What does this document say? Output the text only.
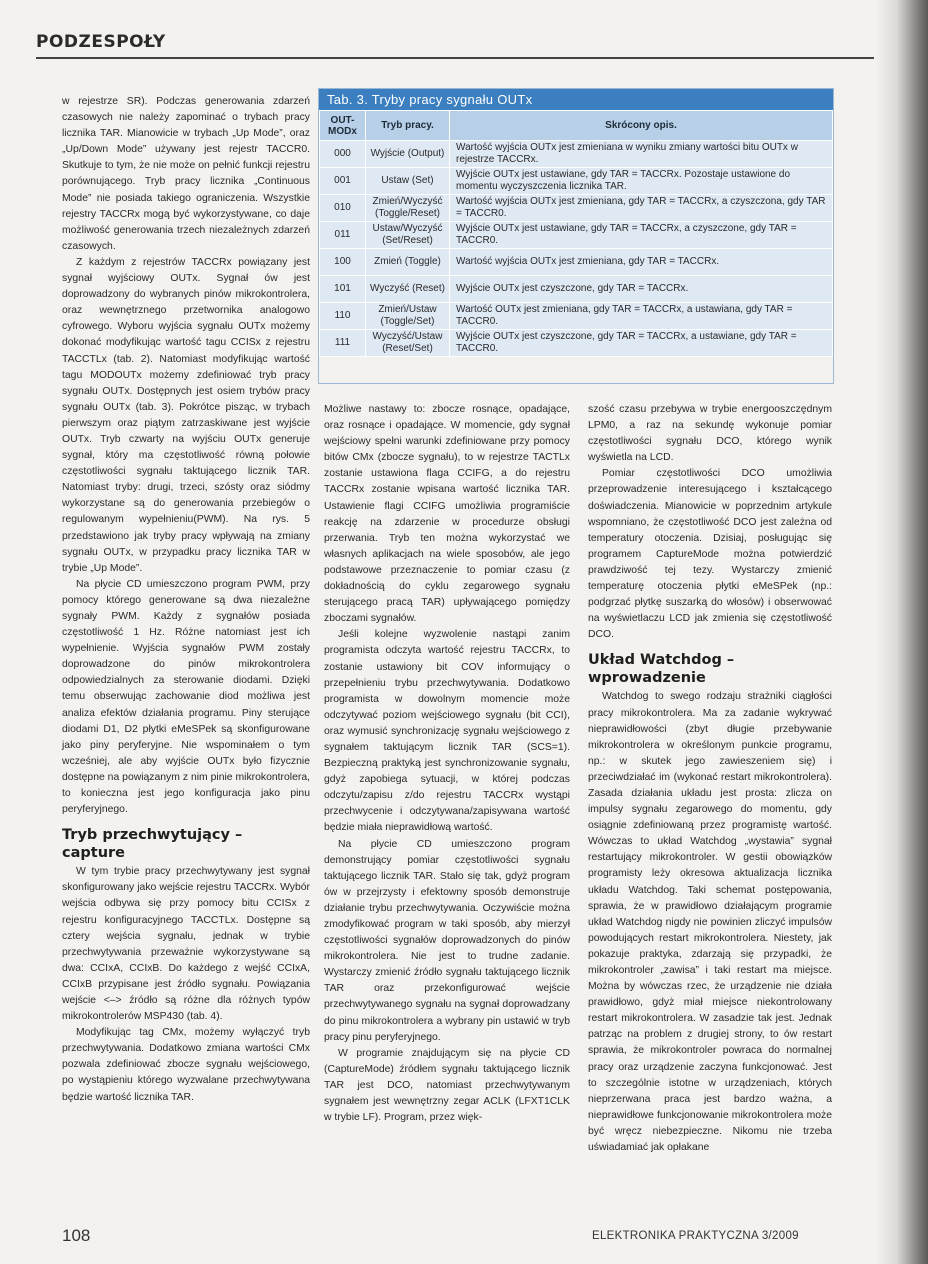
PODZESPOŁY

w rejestrze SR). Podczas generowania zdarzeń czasowych nie należy zapominać o trybach pracy licznika TAR. Mianowicie w trybach „Up Mode”, oraz „Up/Down Mode” używany jest rejestr TACCR0. Skutkuje to tym, że nie może on pełnić funkcji rejestru porównującego. Tryb pracy licznika „Continuous Mode” nie posiada takiego ograniczenia. Wszystkie rejestry TACCRx mogą być wykorzystywane, co daje możliwość generowania trzech niezależnych zdarzeń czasowych.

Z każdym z rejestrów TACCRx powiązany jest sygnał wyjściowy OUTx. Sygnał ów jest doprowadzony do wybranych pinów mikrokontrolera, oraz wewnętrznego przetwornika analogowo cyfrowego. Wyboru wyjścia sygnału OUTx możemy dokonać modyfikując wartość tagu CCISx z rejestru TACCTLx (tab. 2). Natomiast modyfikując wartość tagu MODOUTx możemy zdefiniować tryb pracy sygnału OUTx. Dostępnych jest osiem trybów pracy sygnału OUTx (tab. 3). Pokrótce pisząc, w trybach pierwszym oraz piątym zatrzaskiwane jest wyjście OUTx. Tryb czwarty na wyjściu OUTx generuje sygnał, który ma częstotliwość równą połowie częstotliwości sygnału taktującego licznik TAR. Natomiast tryby: drugi, trzeci, szósty oraz siódmy wykorzystane są do generowania przebiegów o regulowanym wypełnieniu(PWM). Na rys. 5 przedstawiono jak tryby pracy wpływają na zmiany sygnału OUTx, w przypadku pracy licznika TAR w trybie „Up Mode”.

Na płycie CD umieszczono program PWM, przy pomocy którego generowane są dwa niezależne sygnały PWM. Każdy z sygnałów posiada częstotliwość 1 Hz. Różne natomiast jest ich wypełnienie. Wyjścia sygnałów PWM zostały doprowadzone do pinów mikrokontrolera odpowiedzialnych za sterowanie diodami. Dzięki temu obserwując zachowanie diod możliwa jest analiza efektów działania programu. Piny sterujące diodami D1, D2 płytki eMeSPek są skonfigurowane jako piny peryferyjne. Nie wspominałem o tym wcześniej, ale aby wyjście OUTx było fizycznie dostępne na powiązanym z nim pinie mikrokontrolera, to konieczna jest jego konfiguracja jako pinu peryferyjnego.

Tryb przechwytujący – capture

W tym trybie pracy przechwytywany jest sygnał skonfigurowany jako wejście rejestru TACCRx. Wybór wejścia odbywa się przy pomocy bitu CCISx z rejestru konfiguracyjnego TACCTLx. Dostępne są cztery wejścia sygnału, jednak w trybie przechwytywania przeważnie wykorzystywane są dwa: CCIxA, CCIxB. Do każdego z wejść CCIxA, CCIxB przypisane jest źródło sygnału. Powiązania wejście <–> źródło są różne dla różnych typów mikrokontrolerów MSP430 (tab. 4).

Modyfikując tag CMx, możemy wyłączyć tryb przechwytywania. Dodatkowo zmiana wartości CMx pozwala zdefiniować zbocze sygnału wejściowego, po wystąpieniu którego wyzwalane przechwytywana będzie wartość licznika TAR.

Tab. 3. Tryby pracy sygnału OUTx
OUT-MODx	Tryb pracy.	Skrócony opis.
000	Wyjście (Output)	Wartość wyjścia OUTx jest zmieniana w wyniku zmiany wartości bitu OUTx w rejestrze TACCRx.
001	Ustaw (Set)	Wyjście OUTx jest ustawiane, gdy TAR = TACCRx. Pozostaje ustawione do momentu wyczyszczenia licznika TAR.
010	Zmień/Wyczyść (Toggle/Reset)	Wartość wyjścia OUTx jest zmieniana, gdy TAR = TACCRx, a czyszczona, gdy TAR = TACCR0.
011	Ustaw/Wyczyść (Set/Reset)	Wyjście OUTx jest ustawiane, gdy TAR = TACCRx, a czyszczone, gdy TAR = TACCR0.
100	Zmień (Toggle)	Wartość wyjścia OUTx jest zmieniana, gdy TAR = TACCRx.
101	Wyczyść (Reset)	Wyjście OUTx jest czyszczone, gdy TAR = TACCRx.
110	Zmień/Ustaw (Toggle/Set)	Wartość OUTx jest zmieniana, gdy TAR = TACCRx, a ustawiana, gdy TAR = TACCR0.
111	Wyczyść/Ustaw (Reset/Set)	Wyjście OUTx jest czyszczone, gdy TAR = TACCRx, a ustawiane, gdy TAR = TACCR0.

Możliwe nastawy to: zbocze rosnące, opadające, oraz rosnące i opadające. W momencie, gdy sygnał wejściowy spełni warunki zdefiniowane przy pomocy bitów CMx (zbocze sygnału), to w rejestrze TACTLx zostanie ustawiona flaga CCIFG, a do rejestru TACCRx zostanie wpisana wartość licznika TAR. Ustawienie flagi CCIFG umożliwia programiście reakcję na zdarzenie w procedurze obsługi przerwania. Tryb ten można wykorzystać we własnych aplikacjach na wiele sposobów, ale jego podstawowe przeznaczenie to pomiar czasu (z dokładnością do cyklu zegarowego sygnału sterującego pracą TAR) upływającego pomiędzy zboczami sygnałów.

Jeśli kolejne wyzwolenie nastąpi zanim programista odczyta wartość rejestru TACCRx, to zostanie ustawiony bit COV informujący o przepełnieniu trybu przechwytywania. Dodatkowo programista w dowolnym momencie może odczytywać poziom wejściowego sygnału (bit CCI), oraz wymusić synchronizację sygnału wejściowego z sygnałem taktującym licznik TAR (SCS=1). Bezpieczną praktyką jest synchronizowanie sygnału, gdyż zapobiega sytuacji, w której podczas odczytu/zapisu z/do rejestru TACCRx wystąpi przechwycenie i odczytywana/zapisywana wartość będzie miała nieprawidłową wartość.

Na płycie CD umieszczono program demonstrujący pomiar częstotliwości sygnału taktującego licznik TAR. Stało się tak, gdyż program ów w przejrzysty i efektowny sposób demonstruje działanie trybu przechwytywania. Oczywiście można zmodyfikować program w taki sposób, aby mierzył częstotliwości sygnałów doprowadzonych do pinów mikrokontrolera. Nie jest to trudne zadanie. Wystarczy zmienić źródło sygnału taktującego licznik TAR oraz przekonfigurować wejście przechwytywanego sygnału na sygnał doprowadzany do pinu mikrokontrolera a wybrany pin ustawić w tryb pracy pinu peryferyjnego.

W programie znajdującym się na płycie CD (CaptureMode) źródłem sygnału taktującego licznik TAR jest DCO, natomiast przechwytywanym sygnałem jest wewnętrzny zegar ACLK (LFXT1CLK w trybie LF). Program, przez więk-

szość czasu przebywa w trybie energooszczędnym LPM0, a raz na sekundę wykonuje pomiar częstotliwości sygnału DCO, którego wynik wyświetla na LCD.

Pomiar częstotliwości DCO umożliwia przeprowadzenie interesującego i kształcącego doświadczenia. Mianowicie w poprzednim artykule wspomniano, że częstotliwość DCO jest zależna od temperatury otoczenia. Dzisiaj, posługując się programem CaptureMode można potwierdzić prawdziwość tej tezy. Wystarczy zmienić temperaturę otoczenia płytki eMeSPek (np.: podgrzać płytkę suszarką do włosów) i obserwować na wyświetlaczu LCD jak zmienia się częstotliwość DCO.

Układ Watchdog – wprowadzenie

Watchdog to swego rodzaju strażniki ciągłości pracy mikrokontrolera. Ma za zadanie wykrywać nieprawidłowości (zbyt długie przebywanie mikrokontrolera w określonym punkcie programu, np.: w skutek jego zawieszeniem się) i przeciwdziałać im (wykonać restart mikrokontrolera). Zasada działania układu jest prosta: zlicza on impulsy sygnału zegarowego do momentu, gdy osiągnie zdefiniowaną przez programistę wartość. Wówczas to układ Watchdog „wystawia” sygnał restartujący mikrokontroler. W gestii obowiązków programisty leży okresowa aktualizacja licznika układu Watchdog. Taki schemat postępowania, sprawia, że w prawidłowo działającym programie układ Watchdog nigdy nie powinien zliczyć impulsów powodujących restart mikrokontrolera. Niestety, jak pokazuje praktyka, zdarzają się przypadki, że mikrokontroler „zawisa” i taki restart ma miejsce. Można by wówczas rzec, że urządzenie nie działa prawidłowo, gdyż miał miejsce niekontrolowany restart mikrokontrolera. W zasadzie tak jest. Jednak patrząc na problem z drugiej strony, to ów restart sprawia, że mikrokontroler powraca do normalnej pracy oraz urządzenie zaczyna funkcjonować. Jest to szczególnie istotne w urządzeniach, których nieprzerwana praca jest bardzo ważna, a nieprawidłowe funkcjonowanie mikrokontrolera może być wręcz niebezpieczne. Nikomu nie trzeba uświadamiać jak opłakane

108	ELEKTRONIKA PRAKTYCZNA 3/2009
